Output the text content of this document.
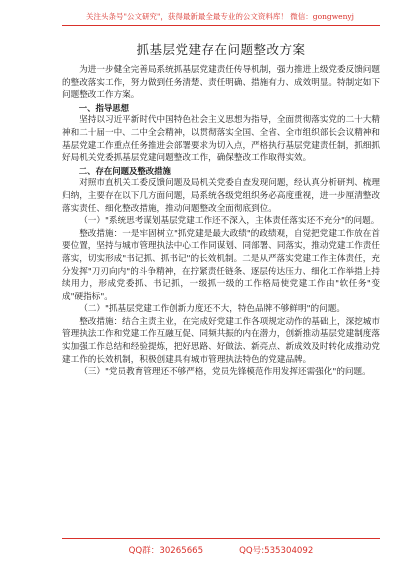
关注头条号"公文研究"，获得最新最全最专业的公文资料库！ 微信：gongwenyj
抓基层党建存在问题整改方案

为进一步健全完善局系统抓基层党建责任传导机制，强力推进上级党委反馈问题的整改落实工作，努力做到任务清楚、责任明确、措施有力、成效明显。特制定如下问题整改工作方案。

一、指导思想

坚持以习近平新时代中国特色社会主义思想为指导，全面贯彻落实党的二十大精神和二十届一中、二中全会精神，以贯彻落实全国、全省、全市组织部长会议精神和基层党建工作重点任务推进会部署要求为切入点，严格执行基层党建责任制，抓细抓好局机关党委抓基层党建问题整改工作，确保整改工作取得实效。

二、存在问题及整改措施

对照市直机关工委反馈问题及局机关党委自查发现问题，经认真分析研判、梳理归纳，主要存在以下几方面问题，局系统各级党组织务必高度重视，进一步厘清整改落实责任、细化整改措施，推动问题整改全面彻底到位。

（一）"系统思考谋划基层党建工作还不深入，主体责任落实还不充分"的问题。

整改措施：一是牢固树立"抓党建是最大政绩"的政绩观，自觉把党建工作放在首要位置，坚持与城市管理执法中心工作同谋划、同部署、同落实，推动党建工作责任落实，切实形成"书记抓、抓书记"的长效机制。二是从严落实党建工作主体责任，充分发挥"刀刃向内"的斗争精神，在拧紧责任链条、逐层传达压力、细化工作举措上持续用力，形成党委抓、书记抓，一级抓一级的工作格局使党建工作由"软任务"变成"硬指标"。

（二）"抓基层党建工作创新力度还不大，特色品牌不够鲜明"的问题。

整改措施：结合主责主业，在完成好党建工作各项规定动作的基础上，深挖城市管理执法工作和党建工作互融互促、同频共振的内在潜力，创新推动基层党建制度落实加强工作总结和经验提炼，把好思路、好做法、新亮点、新成效及时转化成推动党建工作的长效机制，积极创建具有城市管理执法特色的党建品牌。

（三）"党员教育管理还不够严格，党员先锋模范作用发挥还需强化"的问题。

QQ群：30265665	QQ号:535304092
